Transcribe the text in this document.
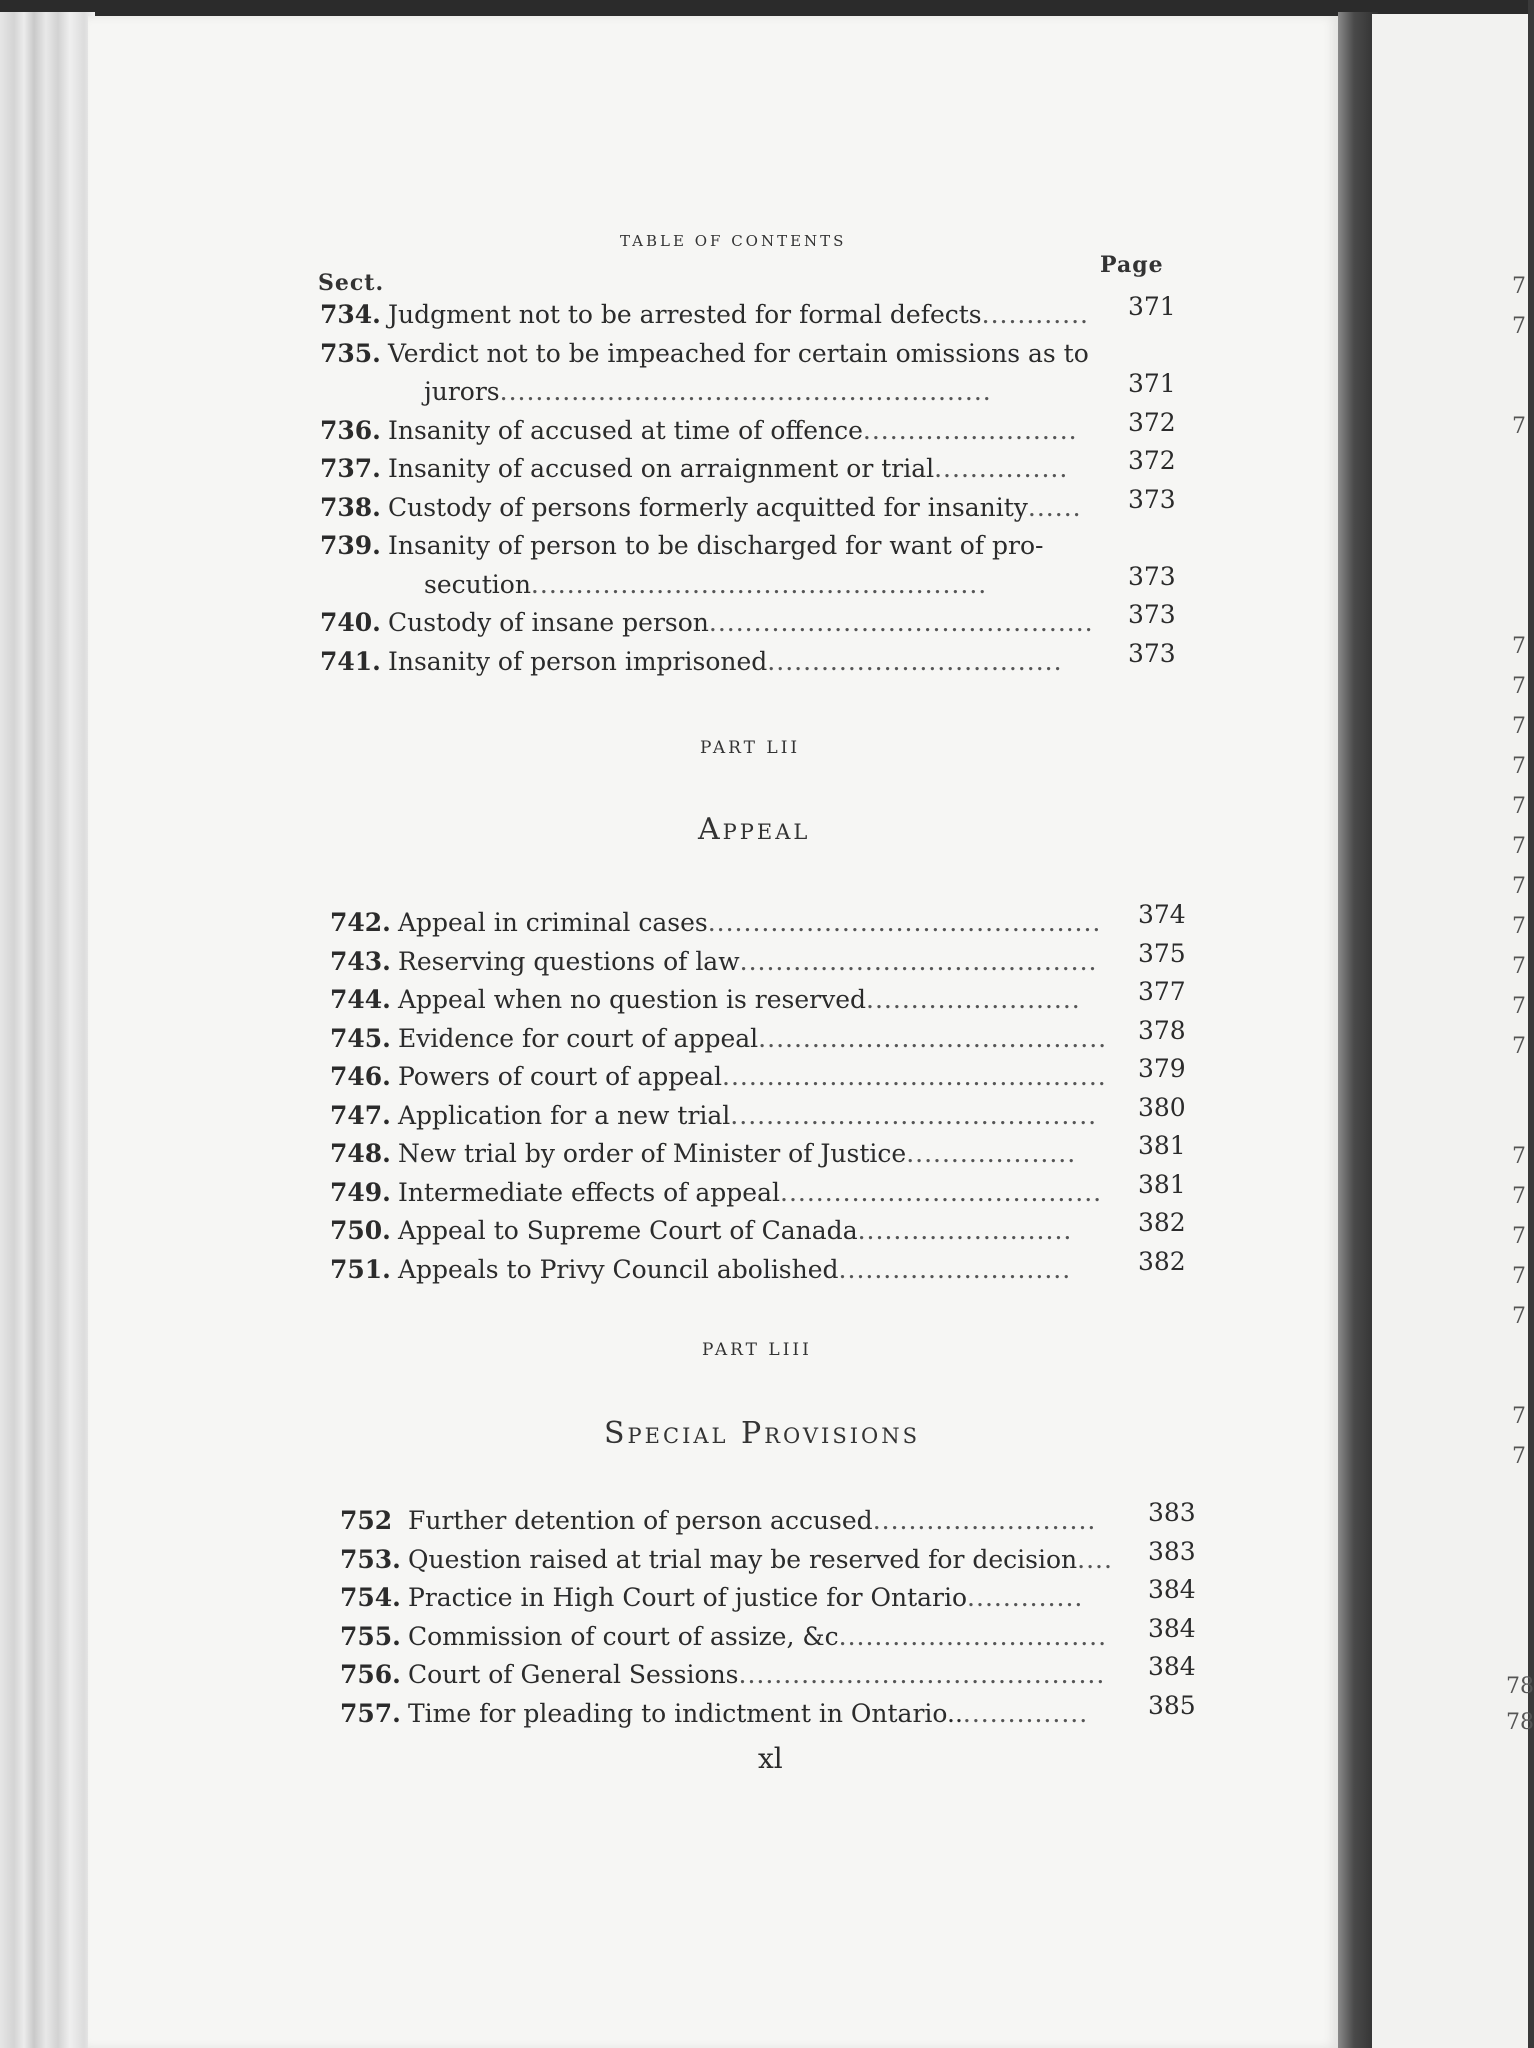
7
7
7
7
7
7
7
7
7
7
7
7
7
7
7
7
7
7
7
7
7
78
78
TABLE OF CONTENTS
Sect.
Page
734. Judgment not to be arrested for formal defects............ 371
735. Verdict not to be impeached for certain omissions as to
jurors.......................................................	371
736. Insanity of accused at time of offence........................ 372
737. Insanity of accused on arraignment or trial............... 372
738. Custody of persons formerly acquitted for insanity...... 373
739. Insanity of person to be discharged for want of pro-
secution...................................................	373
740. Custody of insane person........................................... 373
741. Insanity of person imprisoned.................................	373
PART LII
Appeal
742. Appeal in criminal cases............................................ 374
743. Reserving questions of law........................................ 375
744. Appeal when no question is reserved........................ 377
745. Evidence for court of appeal....................................... 378
746. Powers of court of appeal........................................... 379
747. Application for a new trial......................................... 380
748. New trial by order of Minister of Justice................... 381
749. Intermediate effects of appeal.................................... 381
750. Appeal to Supreme Court of Canada........................	382
751. Appeals to Privy Council abolished..........................	382
PART LIII
Special Provisions
752 Further detention of person accused......................... 383
753. Question raised at trial may be reserved for decision.... 383
754. Practice in High Court of justice for Ontario.............	384
755. Commission of court of assize, &c.............................. 384
756. Court of General Sessions......................................... 384
757. Time for pleading to indictment in Ontario................ 385
xl
